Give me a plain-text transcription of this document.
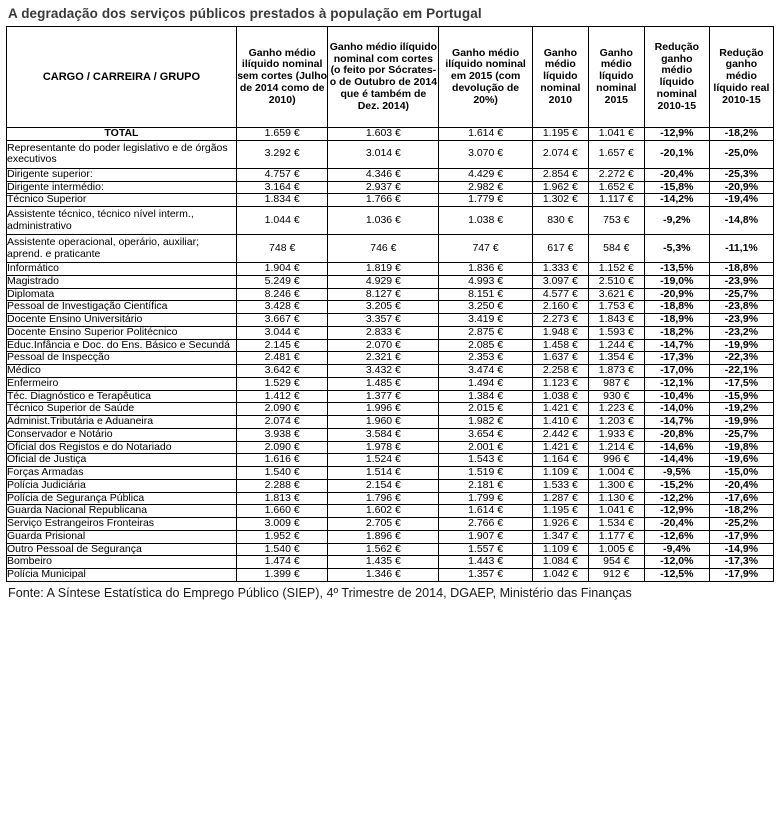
A degradação dos serviços públicos prestados à população em Portugal
CARGO / CARREIRA / GRUPO	Ganho médio ilíquido nominal sem cortes (Julho de 2014 como de 2010)	Ganho médio ilíquido nominal com cortes (o feito por Sócrates- o de Outubro de 2014 que é também de Dez. 2014)	Ganho médio ilíquido nominal em 2015 (com devolução de 20%)	Ganho médio líquido nominal 2010	Ganho médio líquido nominal 2015	Redução ganho médio líquido nominal 2010-15	Redução ganho médio líquido real 2010-15
TOTAL	1.659 €	1.603 €	1.614 €	1.195 €	1.041 €	-12,9%	-18,2%
Representante do poder legislativo e de órgãos executivos	3.292 €	3.014 €	3.070 €	2.074 €	1.657 €	-20,1%	-25,0%
Dirigente superior:	4.757 €	4.346 €	4.429 €	2.854 €	2.272 €	-20,4%	-25,3%
Dirigente intermédio:	3.164 €	2.937 €	2.982 €	1.962 €	1.652 €	-15,8%	-20,9%
Técnico Superior	1.834 €	1.766 €	1.779 €	1.302 €	1.117 €	-14,2%	-19,4%
Assistente técnico, técnico nível interm., administrativo	1.044 €	1.036 €	1.038 €	830 €	753 €	-9,2%	-14,8%
Assistente operacional, operário, auxiliar; aprend. e praticante	748 €	746 €	747 €	617 €	584 €	-5,3%	-11,1%
Informático	1.904 €	1.819 €	1.836 €	1.333 €	1.152 €	-13,5%	-18,8%
Magistrado	5.249 €	4.929 €	4.993 €	3.097 €	2.510 €	-19,0%	-23,9%
Diplomata	8.246 €	8.127 €	8.151 €	4.577 €	3.621 €	-20,9%	-25,7%
Pessoal de Investigação Científica	3.428 €	3.205 €	3.250 €	2.160 €	1.753 €	-18,8%	-23,8%
Docente Ensino Universitário	3.667 €	3.357 €	3.419 €	2.273 €	1.843 €	-18,9%	-23,9%
Docente Ensino Superior Politécnico	3.044 €	2.833 €	2.875 €	1.948 €	1.593 €	-18,2%	-23,2%
Educ.Infância e Doc. do Ens. Básico e Secundá	2.145 €	2.070 €	2.085 €	1.458 €	1.244 €	-14,7%	-19,9%
Pessoal de Inspecção	2.481 €	2.321 €	2.353 €	1.637 €	1.354 €	-17,3%	-22,3%
Médico	3.642 €	3.432 €	3.474 €	2.258 €	1.873 €	-17,0%	-22,1%
Enfermeiro	1.529 €	1.485 €	1.494 €	1.123 €	987 €	-12,1%	-17,5%
Téc. Diagnóstico e Terapêutica	1.412 €	1.377 €	1.384 €	1.038 €	930 €	-10,4%	-15,9%
Técnico Superior de Saúde	2.090 €	1.996 €	2.015 €	1.421 €	1.223 €	-14,0%	-19,2%
Administ.Tributária e Aduaneira	2.074 €	1.960 €	1.982 €	1.410 €	1.203 €	-14,7%	-19,9%
Conservador e Notário	3.938 €	3.584 €	3.654 €	2.442 €	1.933 €	-20,8%	-25,7%
Oficial dos Registos e do Notariado	2.090 €	1.978 €	2.001 €	1.421 €	1.214 €	-14,6%	-19,8%
Oficial de Justiça	1.616 €	1.524 €	1.543 €	1.164 €	996 €	-14,4%	-19,6%
Forças Armadas	1.540 €	1.514 €	1.519 €	1.109 €	1.004 €	-9,5%	-15,0%
Polícia Judiciária	2.288 €	2.154 €	2.181 €	1.533 €	1.300 €	-15,2%	-20,4%
Polícia de Segurança Pública	1.813 €	1.796 €	1.799 €	1.287 €	1.130 €	-12,2%	-17,6%
Guarda Nacional Republicana	1.660 €	1.602 €	1.614 €	1.195 €	1.041 €	-12,9%	-18,2%
Serviço Estrangeiros Fronteiras	3.009 €	2.705 €	2.766 €	1.926 €	1.534 €	-20,4%	-25,2%
Guarda Prisional	1.952 €	1.896 €	1.907 €	1.347 €	1.177 €	-12,6%	-17,9%
Outro Pessoal de Segurança	1.540 €	1.562 €	1.557 €	1.109 €	1.005 €	-9,4%	-14,9%
Bombeiro	1.474 €	1.435 €	1.443 €	1.084 €	954 €	-12,0%	-17,3%
Polícia Municipal	1.399 €	1.346 €	1.357 €	1.042 €	912 €	-12,5%	-17,9%
Fonte: A Síntese Estatística do Emprego Público (SIEP), 4º Trimestre de 2014, DGAEP, Ministério das Finanças
